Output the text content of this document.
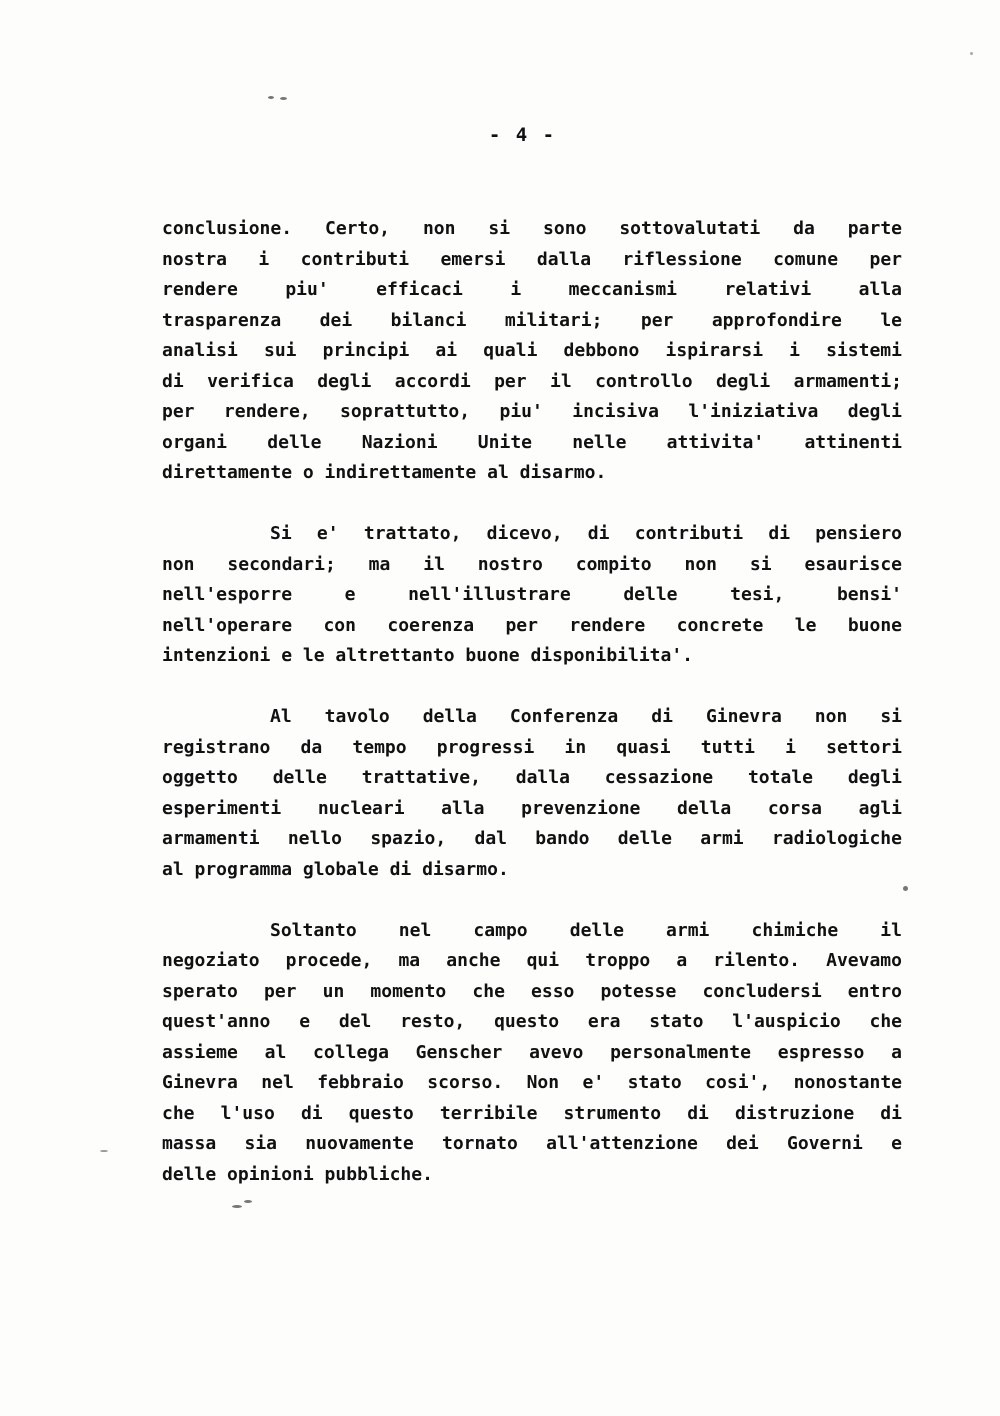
- 4 -

conclusione. Certo, non si sono sottovalutati da parte
nostra i contributi emersi dalla riflessione comune per
rendere piu' efficaci i meccanismi relativi alla
trasparenza dei bilanci militari; per approfondire le
analisi sui principi ai quali debbono ispirarsi i sistemi
di verifica degli accordi per il controllo degli armamenti;
per rendere, soprattutto, piu' incisiva l'iniziativa degli
organi delle Nazioni Unite nelle attivita' attinenti
direttamente o indirettamente al disarmo.

Si e' trattato, dicevo, di contributi di pensiero
non secondari; ma il nostro compito non si esaurisce
nell'esporre e nell'illustrare delle tesi, bensi'
nell'operare con coerenza per rendere concrete le buone
intenzioni e le altrettanto buone disponibilita'.

Al tavolo della Conferenza di Ginevra non si
registrano da tempo progressi in quasi tutti i settori
oggetto delle trattative, dalla cessazione totale degli
esperimenti nucleari alla prevenzione della corsa agli
armamenti nello spazio, dal bando delle armi radiologiche
al programma globale di disarmo.

Soltanto nel campo delle armi chimiche il
negoziato procede, ma anche qui troppo a rilento. Avevamo
sperato per un momento che esso potesse concludersi entro
quest'anno e del resto, questo era stato l'auspicio che
assieme al collega Genscher avevo personalmente espresso a
Ginevra nel febbraio scorso. Non e' stato cosi', nonostante
che l'uso di questo terribile strumento di distruzione di
massa sia nuovamente tornato all'attenzione dei Governi e
delle opinioni pubbliche.
